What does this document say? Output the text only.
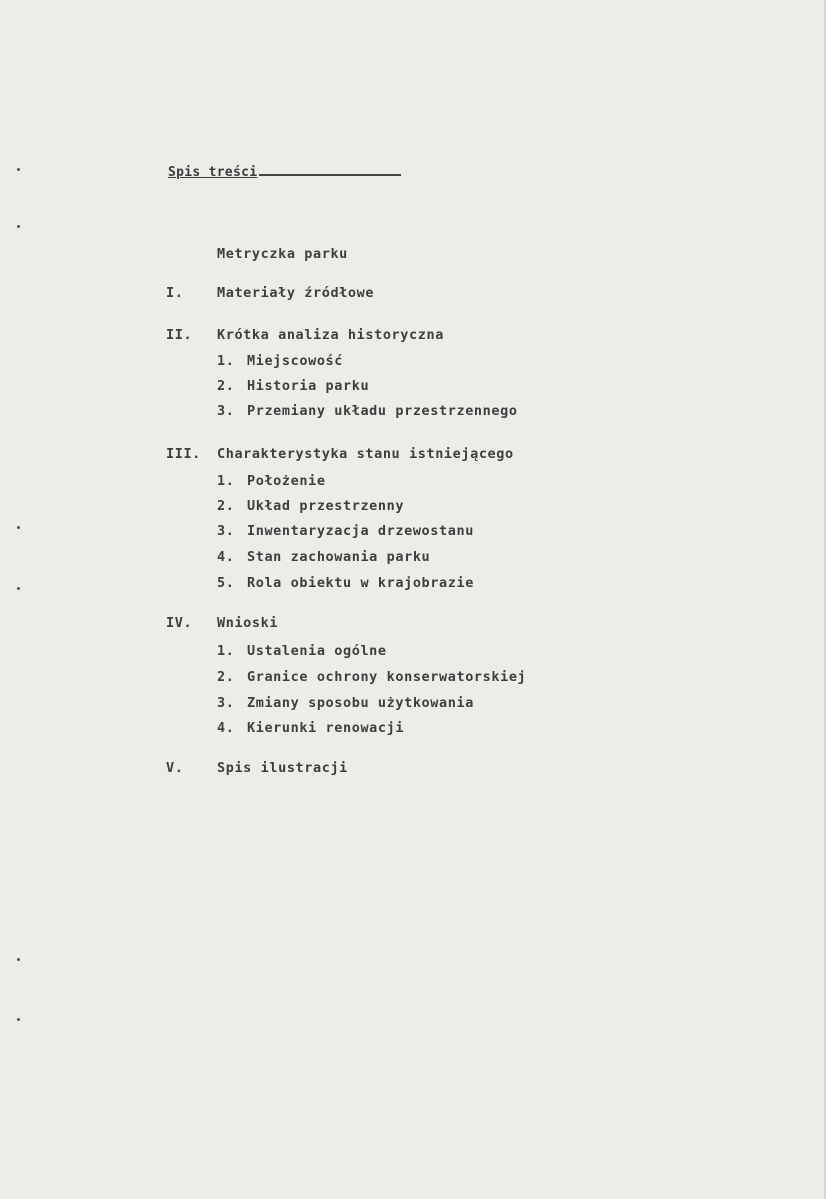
Spis treści
Metryczka parku
I. Materiały źródłowe
II. Krótka analiza historyczna
1. Miejscowość
2. Historia parku
3. Przemiany układu przestrzennego
III. Charakterystyka stanu istniejącego
1. Położenie
2. Układ przestrzenny
3. Inwentaryzacja drzewostanu
4. Stan zachowania parku
5. Rola obiektu w krajobrazie
IV. Wnioski
1. Ustalenia ogólne
2. Granice ochrony konserwatorskiej
3. Zmiany sposobu użytkowania
4. Kierunki renowacji
V. Spis ilustracji
